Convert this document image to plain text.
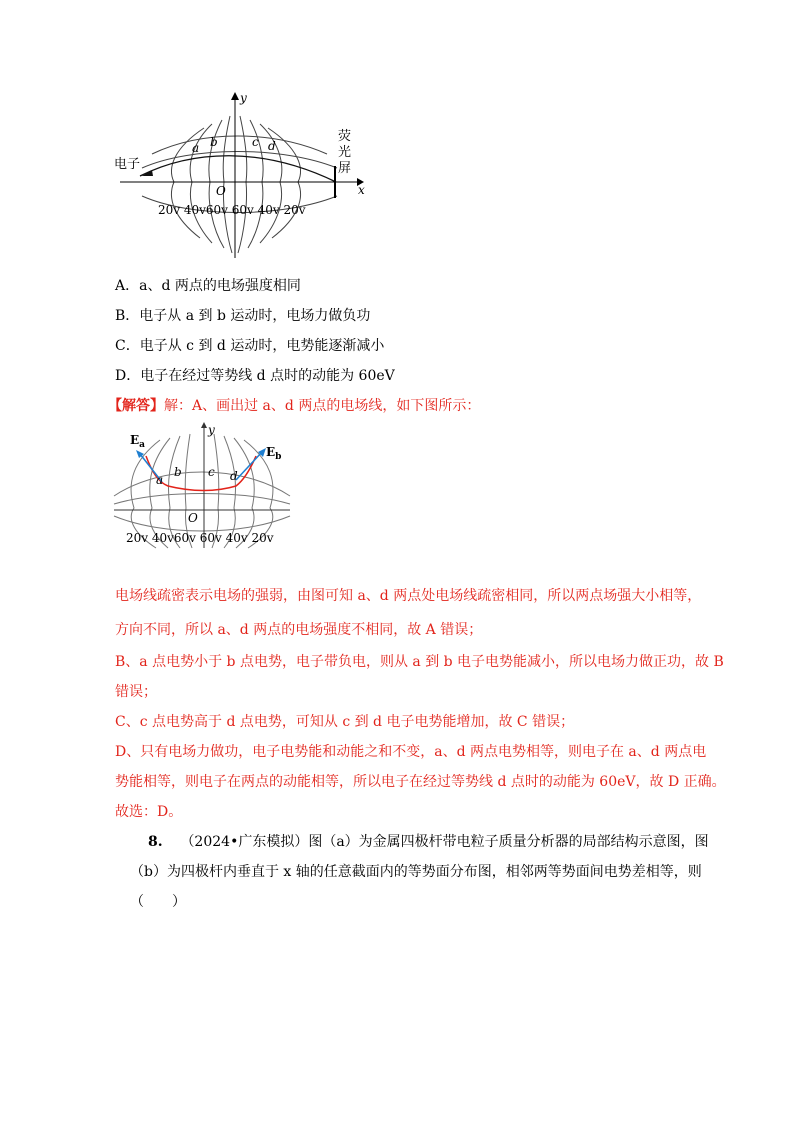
y
x
O
a b	c d
电子
荧
光
屏
20v 40v60v 60v 40v 20v
A．a、d 两点的电场强度相同
B．电子从 a 到 b 运动时，电场力做负功
C．电子从 c 到 d 运动时，电势能逐渐减小
D．电子在经过等势线 d 点时的动能为 60eV
【解答】解：A、画出过 a、d 两点的电场线，如下图所示：
$E_a$	$E_b$
y
O
a
b c d
20v 40v60v 60v 40v 20v
电场线疏密表示电场的强弱，由图可知 a、d 两点处电场线疏密相同，所以两点场强大小相等，
方向不同，所以 a、d 两点的电场强度不相同，故 A 错误；
B、a 点电势小于 b 点电势，电子带负电，则从 a 到 b 电子电势能减小，所以电场力做正功，故 B
错误；
C、c 点电势高于 d 点电势，可知从 c 到 d 电子电势能增加，故 C 错误；
D、只有电场力做功，电子电势能和动能之和不变，a、d 两点电势相等，则电子在 a、d 两点电
势能相等，则电子在两点的动能相等，所以电子在经过等势线 d 点时的动能为 60eV，故 D 正确。
故选：D。
8. （2024•广东模拟）图（a）为金属四极杆带电粒子质量分析器的局部结构示意图，图
（b）为四极杆内垂直于 x 轴的任意截面内的等势面分布图，相邻两等势面间电势差相等，则
（　　）
